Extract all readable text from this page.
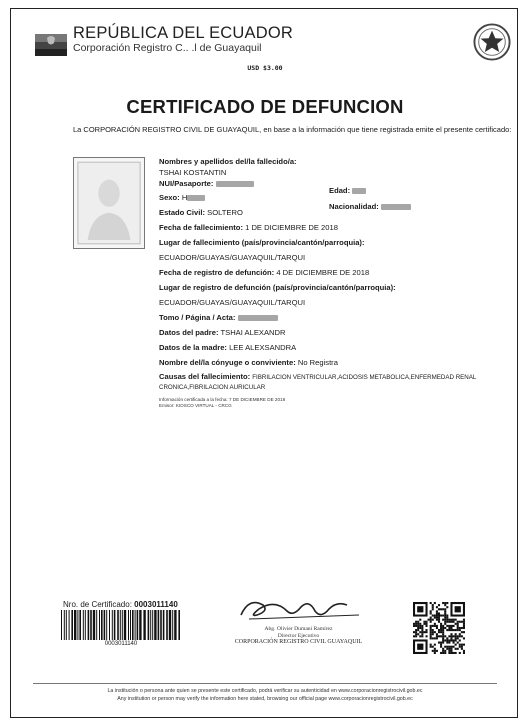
REPÚBLICA DEL ECUADOR
Corporación Registro C.. .l de Guayaquil
USD $3.00
CERTIFICADO DE DEFUNCION
La CORPORACIÓN REGISTRO CIVIL DE GUAYAQUIL, en base a la información que tiene registrada emite el presente certificado:
Nombres y apellidos del/la fallecido/a:
TSHAI KOSTANTIN
NUI/Pasaporte:
Edad:
Sexo: H
Nacionalidad:
Estado Civil: SOLTERO
Fecha de fallecimiento: 1 DE DICIEMBRE DE 2018
Lugar de fallecimiento (país/provincia/cantón/parroquia):
ECUADOR/GUAYAS/GUAYAQUIL/TARQUI
Fecha de registro de defunción: 4 DE DICIEMBRE DE 2018
Lugar de registro de defunción (país/provincia/cantón/parroquia):
ECUADOR/GUAYAS/GUAYAQUIL/TARQUI
Tomo / Página / Acta:
Datos del padre: TSHAI ALEXANDR
Datos de la madre: LEE ALEXSANDRA
Nombre del/la cónyuge o conviviente: No Registra
Causas del fallecimiento: FIBRILACION VENTRICULAR,ACIDOSIS METABOLICA,ENFERMEDAD RENAL CRONICA,FIBRILACION AURICULAR
Información certificada a la fecha: 7 DE DICIEMBRE DE 2018
Emisor: KIOSCO VIRTUAL - CRCG
Nro. de Certificado: 0003011140
0003011140
Abg. Olivier Dumani Ramírez
Director Ejecutivo
CORPORACIÓN REGISTRO CIVIL GUAYAQUIL
La institución o persona ante quien se presente este certificado, podrá verificar su autenticidad en www.corporacionregistrocivil.gob.ec
Any institution or person may verify the information here stated, browsing our official page www.corporacionregistrocivil.gob.ec
